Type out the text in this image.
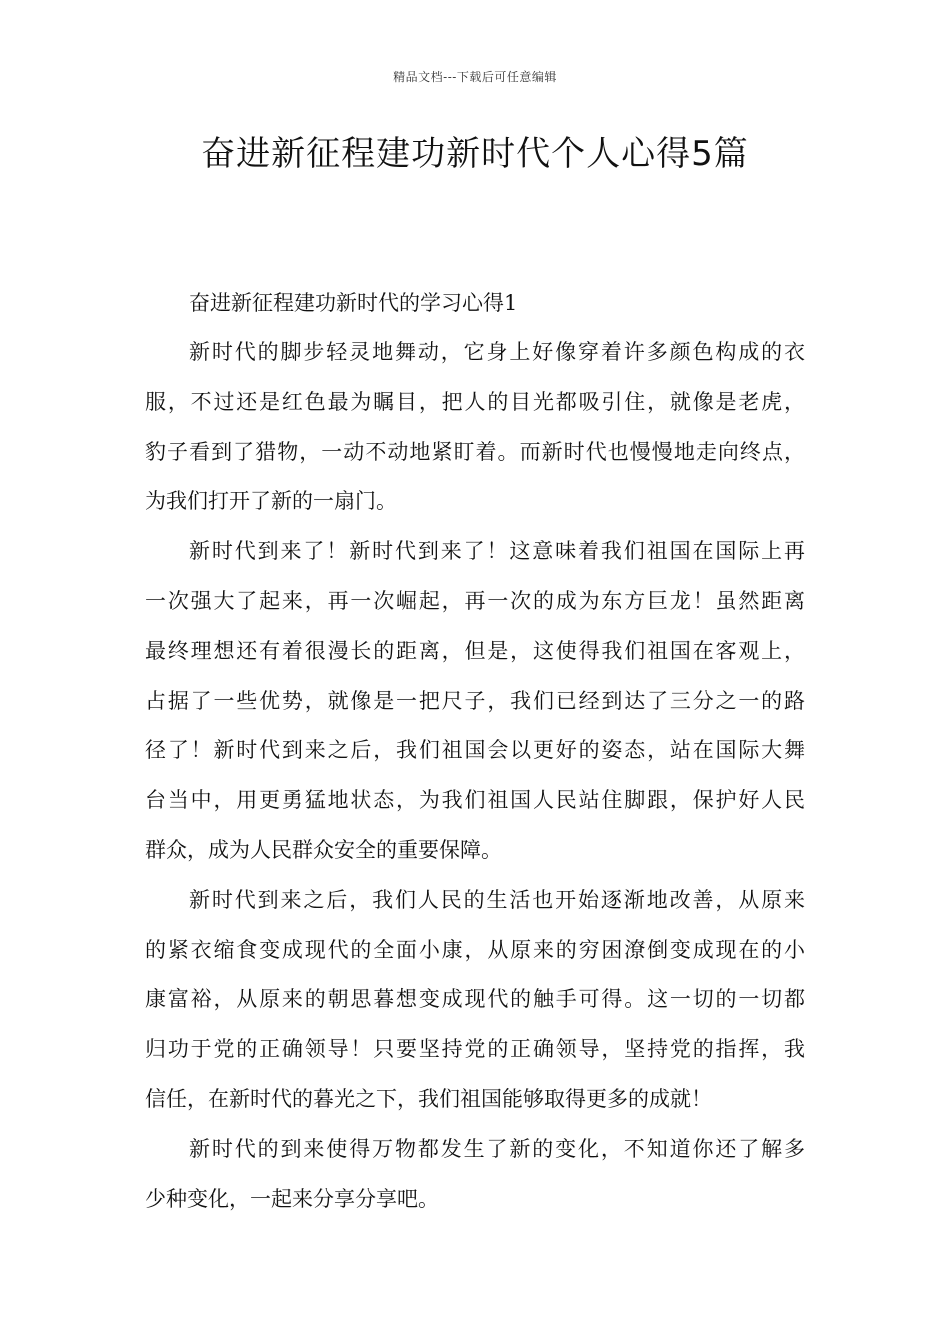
精品文档---下载后可任意编辑
奋进新征程建功新时代个人心得5篇

奋进新征程建功新时代的学习心得1

新时代的脚步轻灵地舞动，它身上好像穿着许多颜色构成的衣
服，不过还是红色最为瞩目，把人的目光都吸引住，就像是老虎，
豹子看到了猎物，一动不动地紧盯着。而新时代也慢慢地走向终点，
为我们打开了新的一扇门。
新时代到来了！新时代到来了！这意味着我们祖国在国际上再
一次强大了起来，再一次崛起，再一次的成为东方巨龙！虽然距离
最终理想还有着很漫长的距离，但是，这使得我们祖国在客观上，
占据了一些优势，就像是一把尺子，我们已经到达了三分之一的路
径了！新时代到来之后，我们祖国会以更好的姿态，站在国际大舞
台当中，用更勇猛地状态，为我们祖国人民站住脚跟，保护好人民
群众，成为人民群众安全的重要保障。
新时代到来之后，我们人民的生活也开始逐渐地改善，从原来
的紧衣缩食变成现代的全面小康，从原来的穷困潦倒变成现在的小
康富裕，从原来的朝思暮想变成现代的触手可得。这一切的一切都
归功于党的正确领导！只要坚持党的正确领导，坚持党的指挥，我
信任，在新时代的暮光之下，我们祖国能够取得更多的成就！
新时代的到来使得万物都发生了新的变化，不知道你还了解多
少种变化，一起来分享分享吧。
